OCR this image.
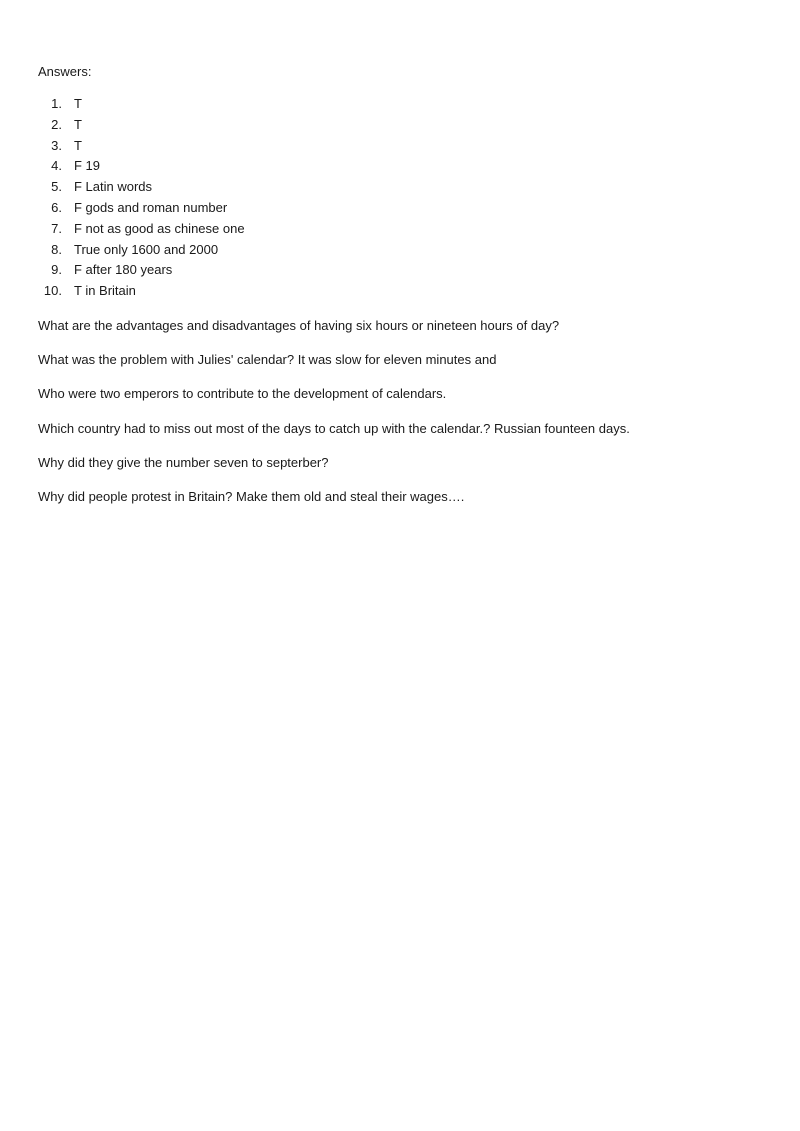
Answers:

1. T
2. T
3. T
4. F 19
5. F Latin words
6. F gods and roman number
7. F not as good as chinese one
8. True only 1600 and 2000
9. F after 180 years
10. T in Britain

What are the advantages and disadvantages of having six hours or nineteen hours of day?

What was the problem with Julies' calendar? It was slow for eleven minutes and

Who were two emperors to contribute to the development of calendars.

Which country had to miss out most of the days to catch up with the calendar.? Russian founteen days.

Why did they give the number seven to septerber?

Why did people protest in Britain? Make them old and steal their wages….
